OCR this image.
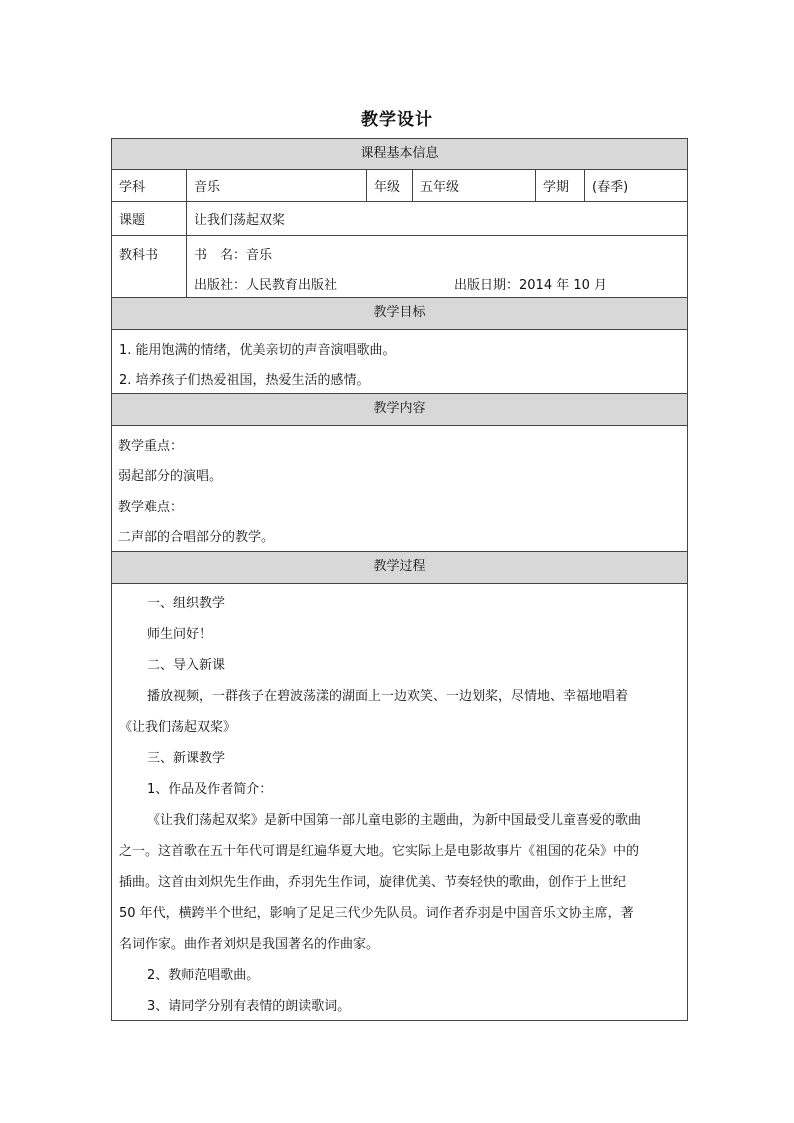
教学设计
课程基本信息
学科	音乐	年级	五年级	学期	(春季)
课题	让我们荡起双桨
教科书	书　名：音乐
出版社：人民教育出版社	出版日期：2014 年 10 月
教学目标
1. 能用饱满的情绪，优美亲切的声音演唱歌曲。
2. 培养孩子们热爱祖国，热爱生活的感情。
教学内容
教学重点：
弱起部分的演唱。
教学难点：
二声部的合唱部分的教学。
教学过程
一、组织教学
师生问好！
二、导入新课
播放视频，一群孩子在碧波荡漾的湖面上一边欢笑、一边划桨，尽情地、幸福地唱着
《让我们荡起双桨》
三、新课教学
1、作品及作者简介：
《让我们荡起双桨》是新中国第一部儿童电影的主题曲，为新中国最受儿童喜爱的歌曲
之一。这首歌在五十年代可谓是红遍华夏大地。它实际上是电影故事片《祖国的花朵》中的
插曲。这首由刘炽先生作曲，乔羽先生作词，旋律优美、节奏轻快的歌曲，创作于上世纪
50 年代，横跨半个世纪，影响了足足三代少先队员。词作者乔羽是中国音乐文协主席，著
名词作家。曲作者刘炽是我国著名的作曲家。
2、教师范唱歌曲。
3、请同学分别有表情的朗读歌词。
